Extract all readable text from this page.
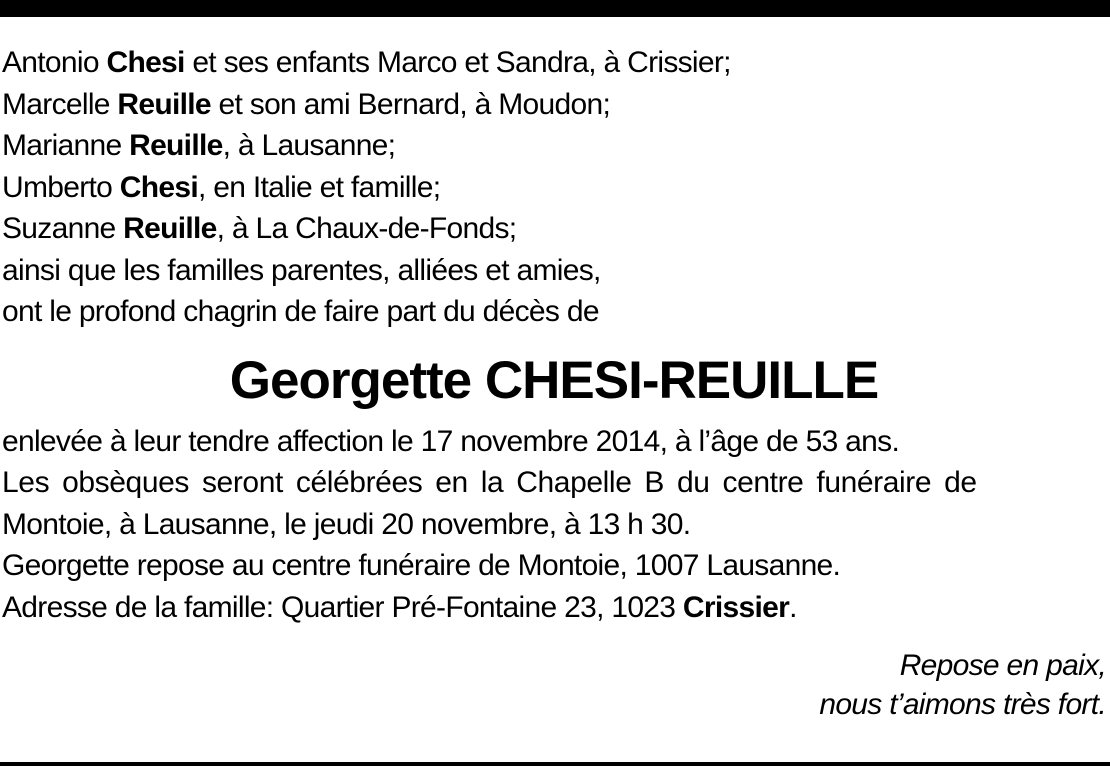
Antonio Chesi et ses enfants Marco et Sandra, à Crissier;
Marcelle Reuille et son ami Bernard, à Moudon;
Marianne Reuille, à Lausanne;
Umberto Chesi, en Italie et famille;
Suzanne Reuille, à La Chaux-de-Fonds;
ainsi que les familles parentes, alliées et amies,
ont le profond chagrin de faire part du décès de
Georgette CHESI-REUILLE
enlevée à leur tendre affection le 17 novembre 2014, à l’âge de 53 ans.
Les obsèques seront célébrées en la Chapelle B du centre funéraire de
Montoie, à Lausanne, le jeudi 20 novembre, à 13 h 30.
Georgette repose au centre funéraire de Montoie, 1007 Lausanne.
Adresse de la famille: Quartier Pré-Fontaine 23, 1023 Crissier.
Repose en paix,
nous t’aimons très fort.
